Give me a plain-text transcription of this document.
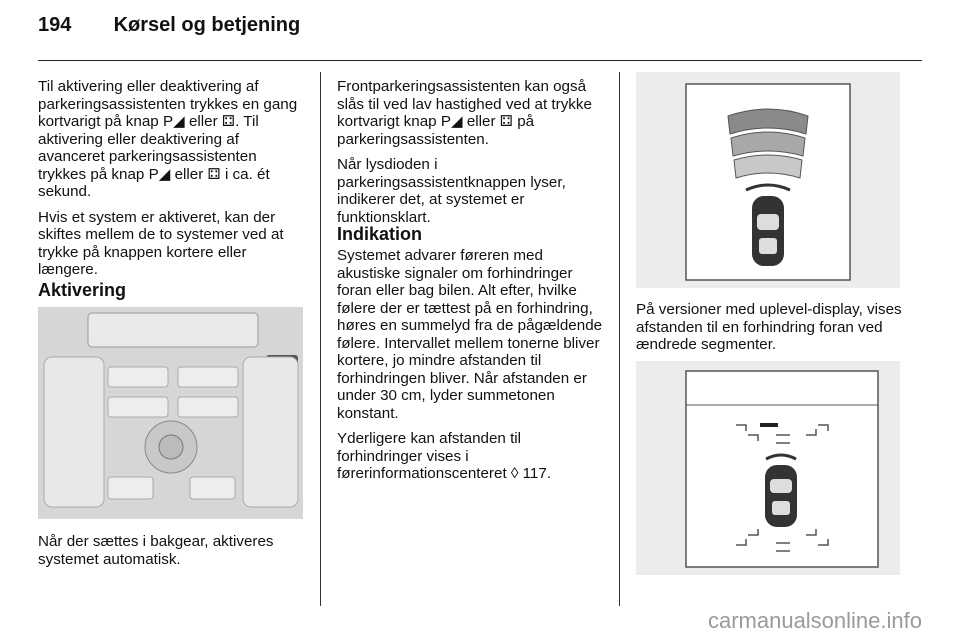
194 Kørsel og betjening

Til aktivering eller deaktivering af parkeringsassistenten trykkes en gang kortvarigt på knap P◢ eller ⚃. Til aktivering eller deaktivering af avanceret parkeringsassistenten trykkes på knap P◢ eller ⚃ i ca. ét sekund.

Hvis et system er aktiveret, kan der skiftes mellem de to systemer ved at trykke på knappen kortere eller længere.

Aktivering

Når der sættes i bakgear, aktiveres systemet automatisk.

Frontparkeringsassistenten kan også slås til ved lav hastighed ved at trykke kortvarigt knap P◢ eller ⚃ på parkeringsassistenten.

Når lysdioden i parkeringsassistentknappen lyser, indikerer det, at systemet er funktionsklart.

Indikation

Systemet advarer føreren med akustiske signaler om forhindringer foran eller bag bilen. Alt efter, hvilke følere der er tættest på en forhindring, høres en summelyd fra de pågældende følere. Intervallet mellem tonerne bliver kortere, jo mindre afstanden til forhindringen bliver. Når afstanden er under 30 cm, lyder summetonen konstant.

Yderligere kan afstanden til forhindringer vises i førerinformationscenteret ◊ 117.

På versioner med uplevel-display, vises afstanden til en forhindring foran ved ændrede segmenter.

carmanualsonline.info
